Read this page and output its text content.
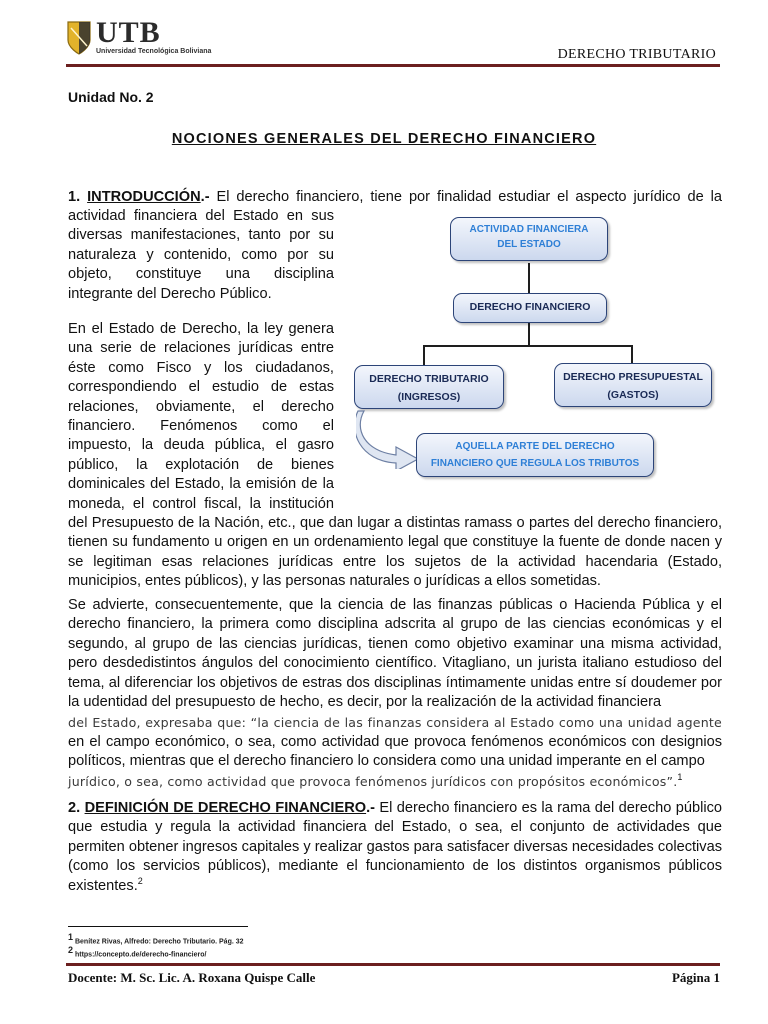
UTB
Universidad Tecnológica Boliviana	DERECHO TRIBUTARIO
Unidad No. 2
NOCIONES GENERALES DEL DERECHO FINANCIERO
1. INTRODUCCIÓN.- El derecho financiero, tiene por finalidad estudiar el aspecto jurídico de la
actividad financiera del Estado en sus
diversas manifestaciones, tanto por su
naturaleza y contenido, como por su
objeto, constituye una disciplina
integrante del Derecho Público.
En el Estado de Derecho, la ley genera
una serie de relaciones jurídicas entre
éste como Fisco y los ciudadanos,
correspondiendo el estudio de estas
relaciones, obviamente, el derecho
financiero. Fenómenos como el
impuesto, la deuda pública, el gasro
público, la explotación de bienes
dominicales del Estado, la emisión de la
moneda, el control fiscal, la institución
del Presupuesto de la Nación, etc., que dan lugar a distintas ramass o partes del derecho financiero, tienen su fundamento u origen en un ordenamiento legal que constituye la fuente de donde nacen y se legitiman esas relaciones jurídicas entre los sujetos de la actividad hacendaria (Estado, municipios, entes públicos), y las personas naturales o jurídicas a ellos sometidas.
Se advierte, consecuentemente, que la ciencia de las finanzas públicas o Hacienda Pública y el derecho financiero, la primera como disciplina adscrita al grupo de las ciencias económicas y el segundo, al grupo de las ciencias jurídicas, tienen como objetivo examinar una misma actividad, pero desdedistintos ángulos del conocimiento científico. Vitagliano, un jurista italiano estudioso del tema, al diferenciar los objetivos de estras dos disciplinas íntimamente unidas entre sí doudemer por la udentidad del presupuesto de hecho, es decir, por la realización de la actividad financiera
del Estado, expresaba que: “la ciencia de las finanzas considera al Estado como una unidad agente
en el campo económico, o sea, como actividad que provoca fenómenos económicos con designios políticos, mientras que el derecho financiero lo considera como una unidad imperante en el campo
jurídico, o sea, como actividad que provoca fenómenos jurídicos con propósitos económicos”.$^1$
2. DEFINICIÓN DE DERECHO FINANCIERO.- El derecho financiero es la rama del derecho público que estudia y regula la actividad financiera del Estado, o sea, el conjunto de actividades que permiten obtener ingresos capitales y realizar gastos para satisfacer diversas necesidades colectivas (como los servicios públicos), mediante el funcionamiento de los distintos organismos públicos existentes.$^2$
ACTIVIDAD FINANCIERA
DEL ESTADO
DERECHO FINANCIERO
DERECHO TRIBUTARIO
(INGRESOS)
DERECHO PRESUPUESTAL
(GASTOS)
AQUELLA PARTE DEL DERECHO
FINANCIERO QUE REGULA LOS TRIBUTOS
$^1$ Benítez Rivas, Alfredo: Derecho Tributario. Pág. 32
$^2$ https://concepto.de/derecho-financiero/
Docente: M. Sc. Lic. A. Roxana Quispe Calle	Página 1
